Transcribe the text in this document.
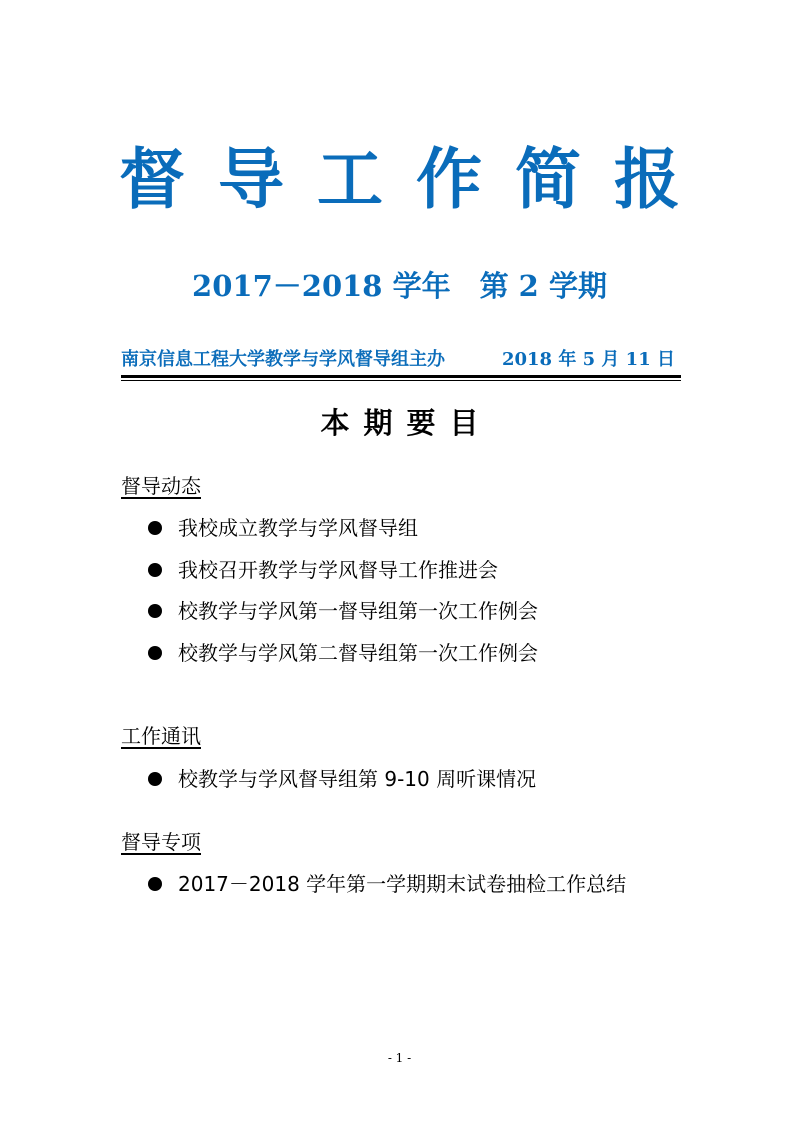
督导工作简报
2017－2018 学年　第 2 学期
南京信息工程大学教学与学风督导组主办	2018 年 5 月 11 日
本期要目
督导动态
我校成立教学与学风督导组
我校召开教学与学风督导工作推进会
校教学与学风第一督导组第一次工作例会
校教学与学风第二督导组第一次工作例会
工作通讯
校教学与学风督导组第 9-10 周听课情况
督导专项
2017－2018 学年第一学期期末试卷抽检工作总结
- 1 -
